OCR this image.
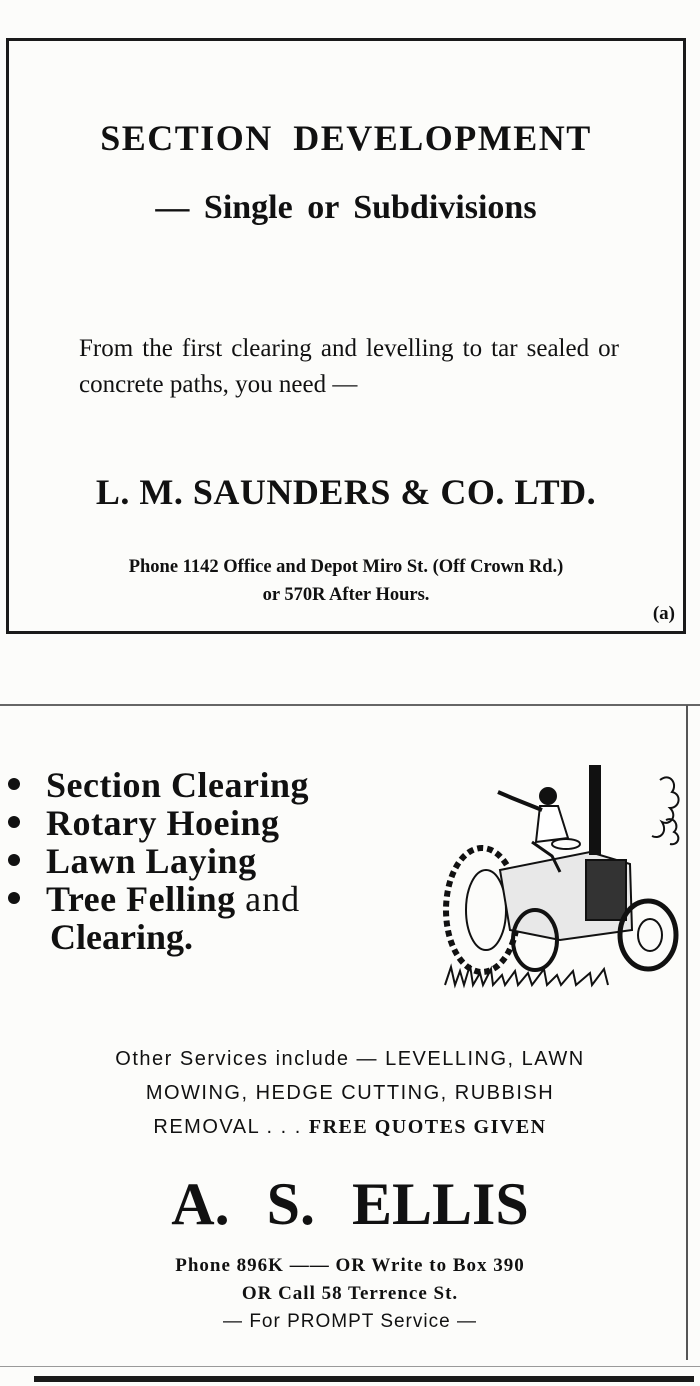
SECTION DEVELOPMENT
— Single or Subdivisions
From the first clearing and levelling to tar sealed or concrete paths, you need —
L. M. SAUNDERS & CO. LTD.
Phone 1142 Office and Depot Miro St. (Off Crown Rd.)
or 570R After Hours.
(a)
Section Clearing
Rotary Hoeing
Lawn Laying
Tree Felling and
Clearing.
Other Services include — LEVELLING, LAWN
MOWING, HEDGE CUTTING, RUBBISH
REMOVAL . . . FREE QUOTES GIVEN
A. S. ELLIS
Phone 896K —— OR Write to Box 390
OR Call 58 Terrence St.
— For PROMPT Service —
